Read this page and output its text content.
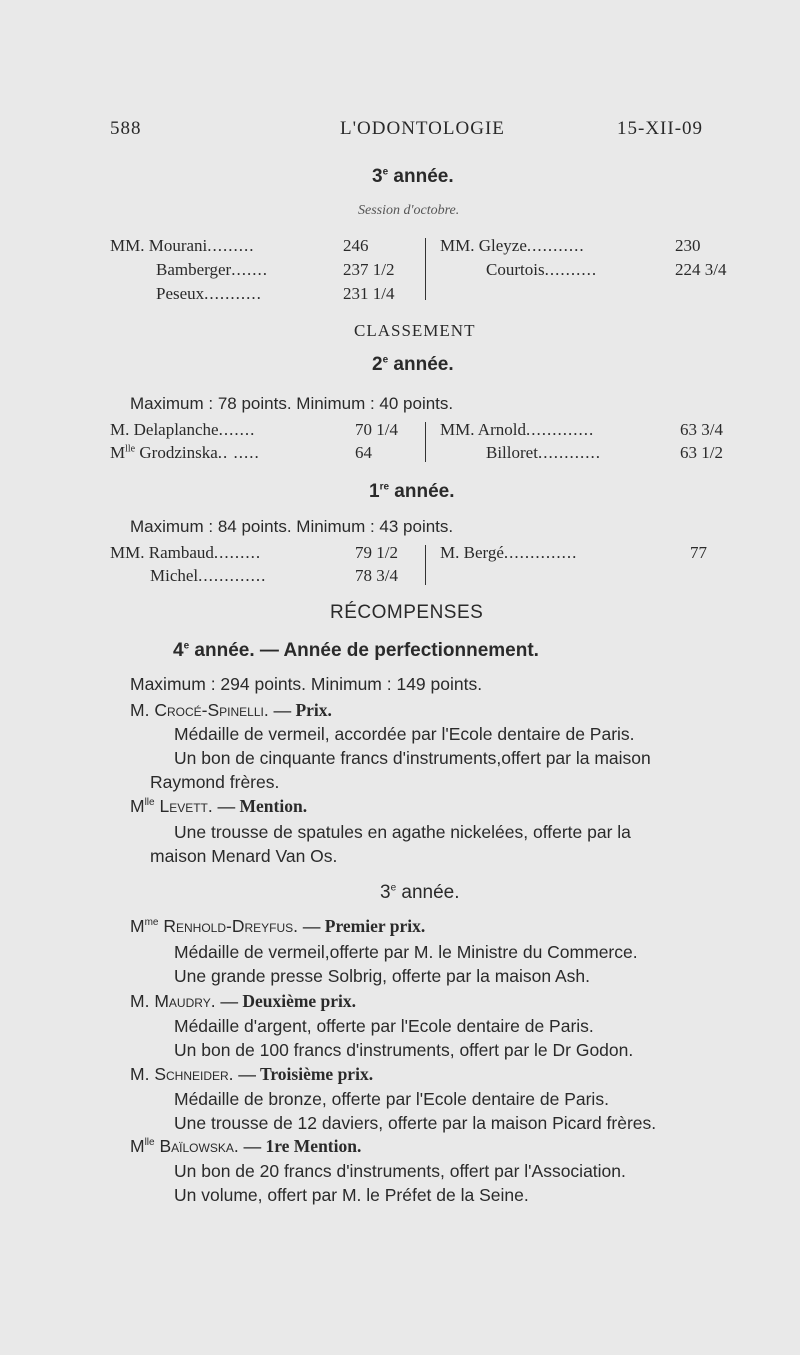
588	L'ODONTOLOGIE	15-XII-09
3e année.
Session d'octobre.
MM. Mourani.........	246
Bamberger.......	237 1/2
Peseux...........	231 1/4
MM. Gleyze...........	230
Courtois..........	224 3/4
CLASSEMENT
2e année.
Maximum : 78 points. Minimum : 40 points.
M. Delaplanche.......	70 1/4
$M^{lle}$ Grodzinska.. .....	64
MM. Arnold.............	63 3/4
Billoret............	63 1/2
1re année.
Maximum : 84 points. Minimum : 43 points.
MM. Rambaud.........	79 1/2
Michel.............	78 3/4
M. Bergé..............	77
RÉCOMPENSES
4e année. — Année de perfectionnement.
Maximum : 294 points. Minimum : 149 points.
M. Crocé-Spinelli. — Prix.
Médaille de vermeil, accordée par l'Ecole dentaire de Paris.
Un bon de cinquante francs d'instruments,offert par la maison
Raymond frères.
$M^{lle}$ Levett. — Mention.
Une trousse de spatules en agathe nickelées, offerte par la
maison Menard Van Os.
3e année.
$M^{me}$ Renhold-Dreyfus. — Premier prix.
Médaille de vermeil,offerte par M. le Ministre du Commerce.
Une grande presse Solbrig, offerte par la maison Ash.
M. Maudry. — Deuxième prix.
Médaille d'argent, offerte par l'Ecole dentaire de Paris.
Un bon de 100 francs d'instruments, offert par le Dr Godon.
M. Schneider. — Troisième prix.
Médaille de bronze, offerte par l'Ecole dentaire de Paris.
Une trousse de 12 daviers, offerte par la maison Picard frères.
$M^{lle}$ Baïlowska. — 1re Mention.
Un bon de 20 francs d'instruments, offert par l'Association.
Un volume, offert par M. le Préfet de la Seine.
